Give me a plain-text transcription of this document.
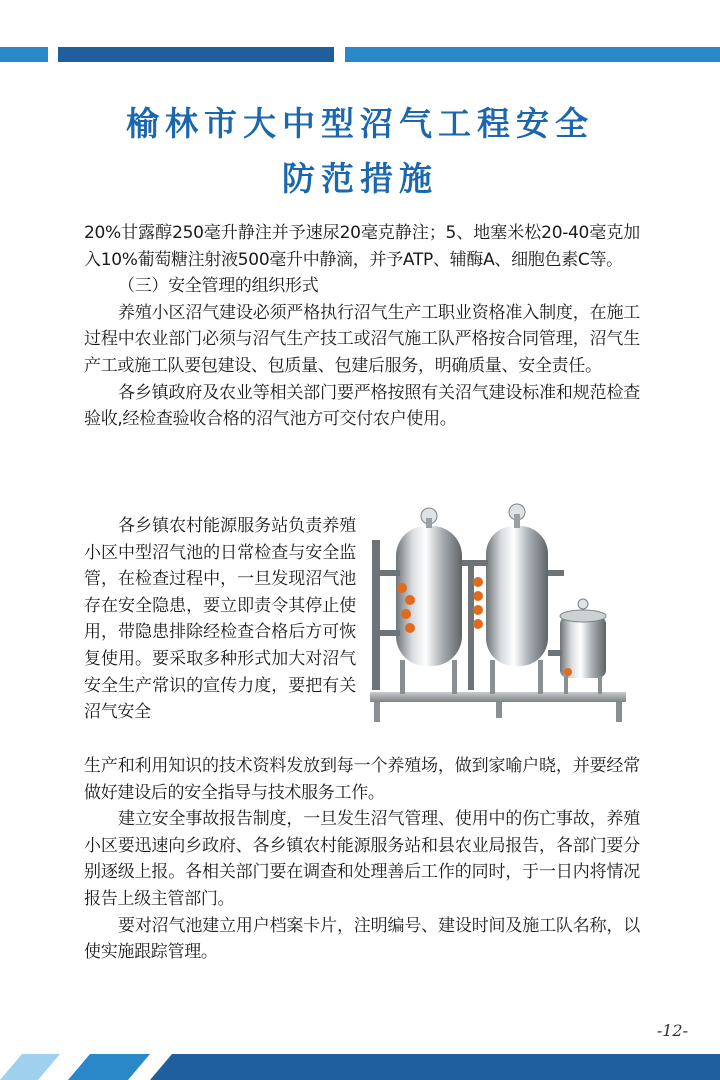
榆林市大中型沼气工程安全
防范措施

20%甘露醇250毫升静注并予速尿20毫克静注；5、地塞米松20-40毫克加入10%葡萄糖注射液500毫升中静滴，并予ATP、辅酶A、细胞色素C等。

（三）安全管理的组织形式

养殖小区沼气建设必须严格执行沼气生产工职业资格准入制度，在施工过程中农业部门必须与沼气生产技工或沼气施工队严格按合同管理，沼气生产工或施工队要包建设、包质量、包建后服务，明确质量、安全责任。

各乡镇政府及农业等相关部门要严格按照有关沼气建设标准和规范检查验收,经检查验收合格的沼气池方可交付农户使用。

各乡镇农村能源服务站负责养殖小区中型沼气池的日常检查与安全监管，在检查过程中，一旦发现沼气池存在安全隐患，要立即责令其停止使用，带隐患排除经检查合格后方可恢复使用。要采取多种形式加大对沼气安全生产常识的宣传力度，要把有关沼气安全

生产和利用知识的技术资料发放到每一个养殖场，做到家喻户晓，并要经常做好建设后的安全指导与技术服务工作。

建立安全事故报告制度，一旦发生沼气管理、使用中的伤亡事故，养殖小区要迅速向乡政府、各乡镇农村能源服务站和县农业局报告，各部门要分别逐级上报。各相关部门要在调查和处理善后工作的同时，于一日内将情况报告上级主管部门。

要对沼气池建立用户档案卡片，注明编号、建设时间及施工队名称，以使实施跟踪管理。

-12-
